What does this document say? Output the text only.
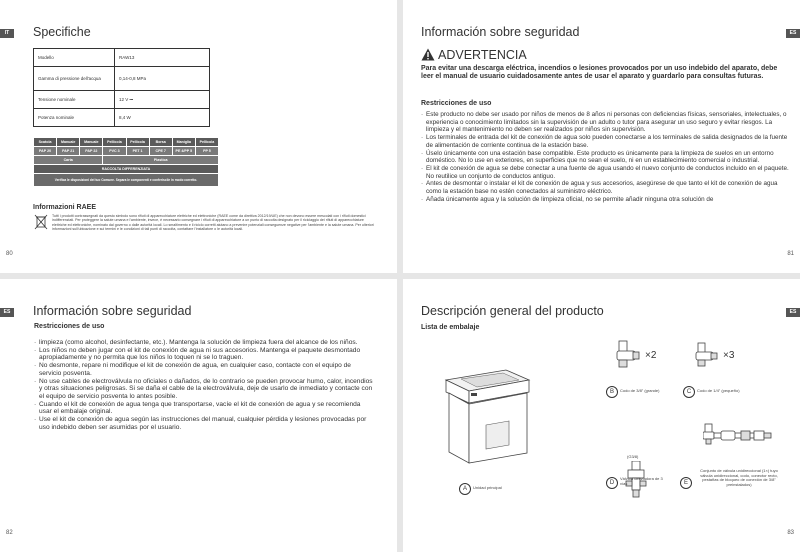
IT	Specifiche
Modello	RAW13
Gamma di pressione dell'acqua	0,14-0,8 MPa
Tensione nominale	12 V ⎓
Potenza nominale	8,4 W
Scatola	Manuale	Manuale	Pellicola	Pellicola	Borsa	Maniglia	Pellicola
PAP 20	PAP 21	PAP 22	PVC 3	PET 1	CPE 7	PE 4/PP 5	PP 5
Carta			Plastica				
RACCOLTA DIFFERENZIATA							
Verifica le disposizioni del tuo Comune. Separa le componenti e conferiscile in modo corretto.							
Informazioni RAEE
Tutti i prodotti contrassegnati da questo simbolo sono rifiuti di apparecchiature elettriche ed elettroniche (RAEE come da direttiva 2012/19/UE) che non devono essere mescolati con i rifiuti domestici indifferenziati. Per proteggere la salute umana e l'ambiente, invece, è necessario consegnare i rifiuti di apparecchiature a un punto di raccolta designato per il riciclaggio dei rifiuti di apparecchiature elettriche ed elettroniche, nominato dal governo o dalle autorità locali. Lo smaltimento e il riciclo corretti aiutano a prevenire potenziali conseguenze negative per l'ambiente e la salute umana. Per ulteriori informazioni sull'ubicazione e sui termini e le condizioni di tali punti di raccolta, contattare l'installatore o le autorità locali.
80
ES
Información sobre seguridad
ADVERTENCIA
Para evitar una descarga eléctrica, incendios o lesiones provocados por un uso indebido del aparato, debe leer el manual de usuario cuidadosamente antes de usar el aparato y guardarlo para consultas futuras.
Restricciones de uso
· Este producto no debe ser usado por niños de menos de 8 años ni personas con deficiencias físicas, sensoriales, intelectuales, o experiencia o conocimiento limitados sin la supervisión de un adulto o tutor para asegurar un uso seguro y evitar riesgos. La limpieza y el mantenimiento no deben ser realizados por niños sin supervisión.
· Los terminales de entrada del kit de conexión de agua solo pueden conectarse a los terminales de salida designados de la fuente de alimentación de corriente continua de la estación base.
· Úselo únicamente con una estación base compatible. Este producto es únicamente para la limpieza de suelos en un entorno doméstico. No lo use en exteriores, en superficies que no sean el suelo, ni en un establecimiento comercial o industrial.
· El kit de conexión de agua se debe conectar a una fuente de agua usando el nuevo conjunto de conductos incluido en el paquete. No reutilice un conjunto de conductos antiguo.
· Antes de desmontar o instalar el kit de conexión de agua y sus accesorios, asegúrese de que tanto el kit de conexión de agua como la estación base no estén conectados al suministro eléctrico.
· Añada únicamente agua y la solución de limpieza oficial, no se permite añadir ninguna otra solución de
81
ES Información sobre seguridad
Restricciones de uso
· limpieza (como alcohol, desinfectante, etc.). Mantenga la solución de limpieza fuera del alcance de los niños.
· Los niños no deben jugar con el kit de conexión de agua ni sus accesorios. Mantenga el paquete desmontado apropiadamente y no permita que los niños lo toquen ni se lo traguen.
· No desmonte, repare ni modifique el kit de conexión de agua, en cualquier caso, contacte con el equipo de servicio posventa.
· No use cables de electroválvula no oficiales o dañados, de lo contrario se pueden provocar humo, calor, incendios y otras situaciones peligrosas. Si se daña el cable de la electroválvula, deje de usarlo de inmediato y contacte con el equipo de servicio posventa lo antes posible.
· Cuando el kit de conexión de agua tenga que transportarse, vacíe el kit de conexión de agua y se recomienda usar el embalaje original.
· Use el kit de conexión de agua según las instrucciones del manual, cualquier pérdida y lesiones provocadas por uso indebido deben ser asumidas por el usuario.
82
ES
Descripción general del producto
Lista de embalaje
A	Unidad principal
×2
B	Codo de 3/8" (grande)
×3
C	Codo de 1/4" (pequeño)
(G3/8)
D
Válvula desviadora de 3 vías	E
Conjunto de válvula unidireccional (1×) tuyo válvula unidireccional, codo, conector recto, pestañas de bloqueo de conexión de 3/8" preinstalados)
83
